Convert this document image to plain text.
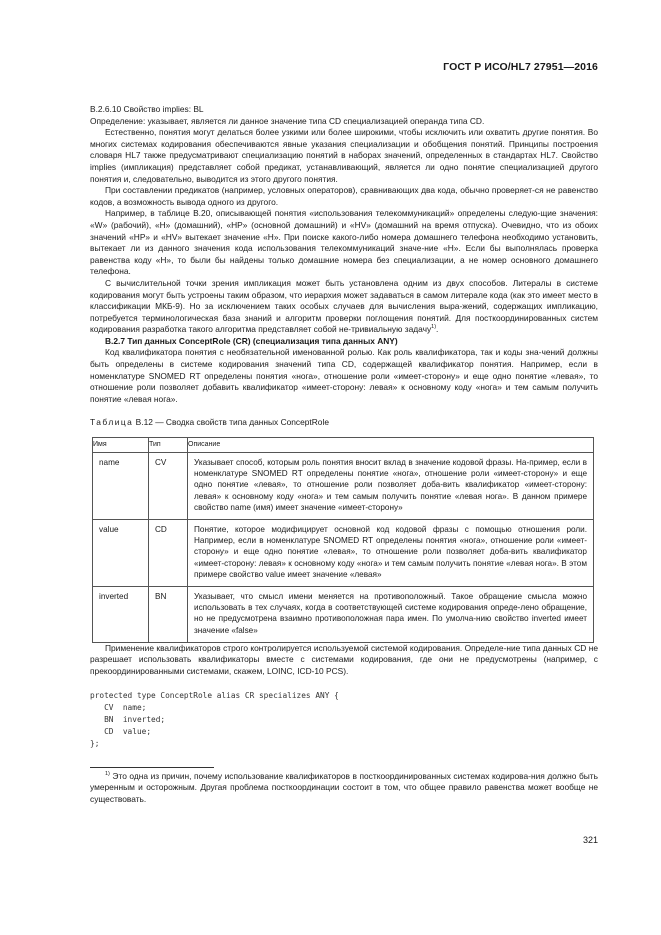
ГОСТ Р ИСО/HL7 27951—2016

В.2.6.10 Свойство implies: BL

Определение: указывает, является ли данное значение типа CD специализацией операнда типа CD.

Естественно, понятия могут делаться более узкими или более широкими, чтобы исключить или охватить другие понятия. Во многих системах кодирования обеспечиваются явные указания специализации и обобщения понятий. Принципы построения словаря HL7 также предусматривают специализацию понятий в наборах значений, определенных в стандартах HL7. Свойство implies (импликация) представляет собой предикат, устанавливающий, является ли одно понятие специализацией другого понятия и, следовательно, выводится из этого другого понятия.

При составлении предикатов (например, условных операторов), сравнивающих два кода, обычно проверяет-ся не равенство кодов, а возможность вывода одного из другого.

Например, в таблице В.20, описывающей понятия «использования телекоммуникаций» определены следую-щие значения: «W» (рабочий), «H» (домашний), «HP» (основной домашний) и «HV» (домашний на время отпуска). Очевидно, что из обоих значений «HP» и «HV» вытекает значение «H». При поиске какого-либо номера домашнего телефона необходимо установить, вытекает ли из данного значения кода использования телекоммуникаций значе-ние «H». Если бы выполнялась проверка равенства коду «H», то были бы найдены только домашние номера без специализации, а не номер основного домашнего телефона.

С вычислительной точки зрения импликация может быть установлена одним из двух способов. Литералы в системе кодирования могут быть устроены таким образом, что иерархия может задаваться в самом литерале кода (как это имеет место в классификации МКБ-9). Но за исключением таких особых случаев для вычисления выра-жений, содержащих импликацию, потребуется терминологическая база знаний и алгоритм проверки поглощения понятий. Для посткоординированных систем кодирования разработка такого алгоритма представляет собой не-тривиальную задачу$^{1)}$.

В.2.7 Тип данных ConceptRole (CR) (специализация типа данных ANY)

Код квалификатора понятия с необязательной именованной ролью. Как роль квалификатора, так и коды зна-чений должны быть определены в системе кодирования значений типа CD, содержащей квалификатор понятия. Например, если в номенклатуре SNOMED RT определены понятия «нога», отношение роли «имеет-сторону» и еще одно понятие «левая», то отношение роли позволяет добавить квалификатор «имеет-сторону: левая» к основному коду «нога» и тем самым получить понятие «левая нога».

Таблица В.12 — Сводка свойств типа данных ConceptRole

Имя	Тип	Описание
name	CV	Указывает способ, которым роль понятия вносит вклад в значение кодовой фразы. На-пример, если в номенклатуре SNOMED RT определены понятие «нога», отношение роли «имеет-сторону» и еще одно понятие «левая», то отношение роли позволяет доба-вить квалификатор «имеет-сторону: левая» к основному коду «нога» и тем самым получить понятие «левая нога». В данном примере свойство name (имя) имеет значение «имеет-сторону»
value	CD	Понятие, которое модифицирует основной код кодовой фразы с помощью отношения роли. Например, если в номенклатуре SNOMED RT определены понятия «нога», отношение роли «имеет-сторону» и еще одно понятие «левая», то отношение роли позволяет доба-вить квалификатор «имеет-сторону: левая» к основному коду «нога» и тем самым получить понятие «левая нога». В этом примере свойство value имеет значение «левая»
inverted	BN	Указывает, что смысл имени меняется на противоположный. Такое обращение смысла можно использовать в тех случаях, когда в соответствующей системе кодирования опреде-лено обращение, но не предусмотрена взаимно противоположная пара имен. По умолча-нию свойство inverted имеет значение «false»

Применение квалификаторов строго контролируется используемой системой кодирования. Определе-ние типа данных CD не разрешает использовать квалификаторы вместе с системами кодирования, где они не предусмотрены (например, с прекоординированными системами, скажем, LOINC, ICD-10 PCS).

protected type ConceptRole alias CR specializes ANY {
CV  name;
BN  inverted;
CD  value;
};

$^{1)}$ Это одна из причин, почему использование квалификаторов в посткоординированных системах кодирова-ния должно быть умеренным и осторожным. Другая проблема посткоординации состоит в том, что общее правило равенства может вообще не существовать.

321
